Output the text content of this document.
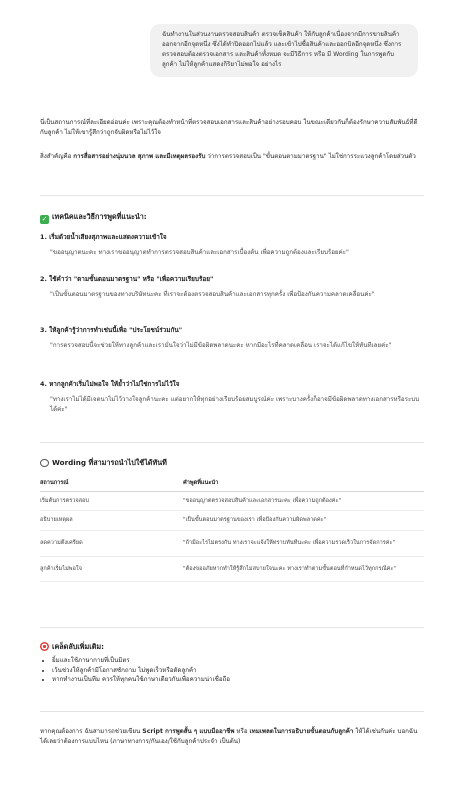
ฉันทำงานในส่วนงานตรวจสอบสินค้า ตรวจเช็คสินค้า ให้กับลูกค้าเนื่องจากมีการขายสินค้าออกจากอีกจุดหนึ่ง ซึ่งได้ทำปิดออกไปแล้ว และเข้าไปซื้อสินค้าและออกบิลอีกจุดหนึ่ง ซึ่งการตรวจสอบต้องตรวจเอกสาร และสินค้าทั้งหมด จะมีวิธีการ หรือ มี Wording ในการพูดกับลูกค้า ไม่ให้ลูกค้าแสดงกิริยาไม่พอใจ อย่างไร

นี่เป็นสถานการณ์ที่ละเอียดอ่อนค่ะ เพราะคุณต้องทำหน้าที่ตรวจสอบเอกสารและสินค้าอย่างรอบคอบ ในขณะเดียวกันก็ต้องรักษาความสัมพันธ์ที่ดีกับลูกค้า ไม่ให้เขารู้สึกว่าถูกจับผิดหรือไม่ไว้ใจ

สิ่งสำคัญคือ การสื่อสารอย่างนุ่มนวล สุภาพ และมีเหตุผลรองรับ ว่าการตรวจสอบเป็น "ขั้นตอนตามมาตรฐาน" ไม่ใช่การระแวงลูกค้าโดยส่วนตัว

✓ เทคนิคและวิธีการพูดที่แนะนำ:
1. เริ่มด้วยน้ำเสียงสุภาพและแสดงความเข้าใจ

"ขออนุญาตนะคะ ทางเราขออนุญาตทำการตรวจสอบสินค้าและเอกสารเบื้องต้น เพื่อความถูกต้องและเรียบร้อยค่ะ"

2. ใช้คำว่า "ตามขั้นตอนมาตรฐาน" หรือ "เพื่อความเรียบร้อย"

"เป็นขั้นตอนมาตรฐานของทางบริษัทนะคะ ที่เราจะต้องตรวจสอบสินค้าและเอกสารทุกครั้ง เพื่อป้องกันความคลาดเคลื่อนค่ะ"

3. ให้ลูกค้ารู้ว่าการทำเช่นนี้เพื่อ "ประโยชน์ร่วมกัน"

"การตรวจสอบนี้จะช่วยให้ทางลูกค้าและเรามั่นใจว่าไม่มีข้อผิดพลาดนะคะ หากมีอะไรที่คลาดเคลื่อน เราจะได้แก้ไขให้ทันทีเลยค่ะ"

4. หากลูกค้าเริ่มไม่พอใจ ให้ย้ำว่าไม่ใช่การไม่ไว้ใจ

"ทางเราไม่ได้มีเจตนาไม่ไว้วางใจลูกค้านะคะ แต่อยากให้ทุกอย่างเรียบร้อยสมบูรณ์ค่ะ เพราะบางครั้งก็อาจมีข้อผิดพลาดทางเอกสารหรือระบบได้ค่ะ"

Wording ที่สามารถนำไปใช้ได้ทันที
สถานการณ์	คำพูดที่แนะนำ
เริ่มต้นการตรวจสอบ	"ขออนุญาตตรวจสอบสินค้าและเอกสารนะคะ เพื่อความถูกต้องค่ะ"
อธิบายเหตุผล	"เป็นขั้นตอนมาตรฐานของเรา เพื่อป้องกันความผิดพลาดค่ะ"
ลดความตึงเครียด	"ถ้ามีอะไรไม่ตรงกัน ทางเราจะแจ้งให้ทราบทันทีนะคะ เพื่อความรวดเร็วในการจัดการค่ะ"
ลูกค้าเริ่มไม่พอใจ	"ต้องขออภัยหากทำให้รู้สึกไม่สบายใจนะคะ ทางเราทำตามขั้นตอนที่กำหนดไว้ทุกกรณีค่ะ"
เคล็ดลับเพิ่มเติม:
• ยิ้มและใช้ภาษากายที่เป็นมิตร
• เว้นช่วงให้ลูกค้ามีโอกาสซักถาม ไม่พูดเร็วหรือตัดลูกค้า
• หากทำงานเป็นทีม ควรให้ทุกคนใช้ภาษาเดียวกันเพื่อความน่าเชื่อถือ

หากคุณต้องการ ฉันสามารถช่วยเขียน Script การพูดสั้น ๆ แบบมืออาชีพ หรือ เทมเพลตในการอธิบายขั้นตอนกับลูกค้า ให้ได้เช่นกันค่ะ บอกฉันได้เลยว่าต้องการแบบไหน (ภาษาทางการ/กันเอง/ใช้กับลูกค้าประจำ เป็นต้น)
